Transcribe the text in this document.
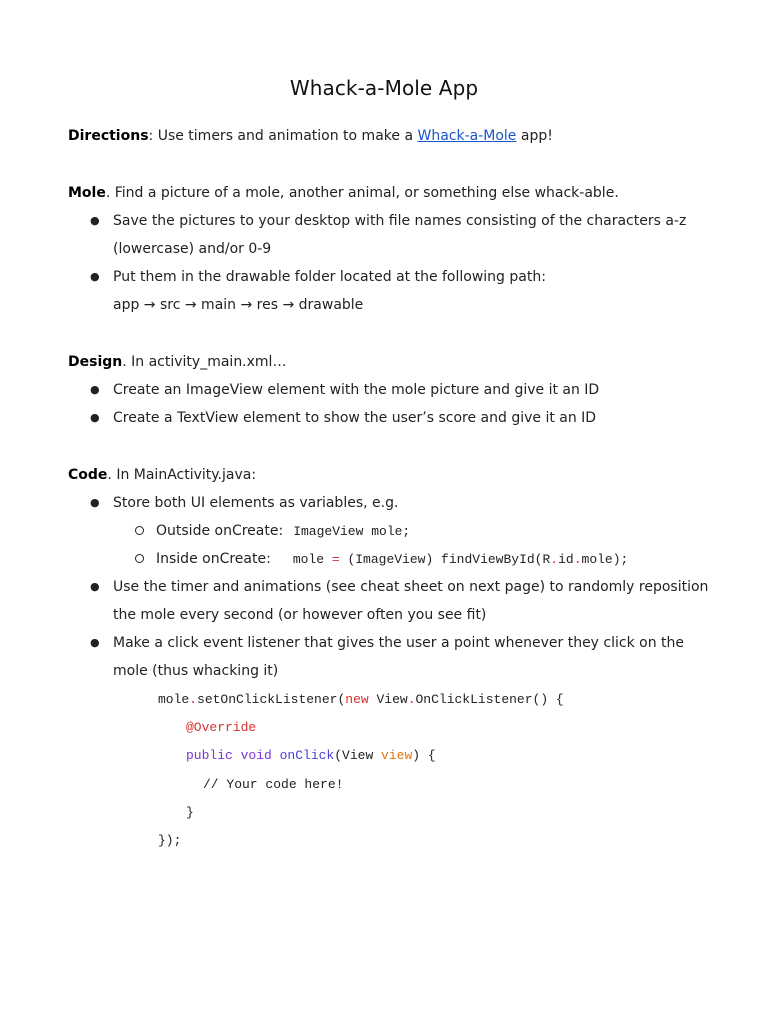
Whack-a-Mole App
Directions: Use timers and animation to make a Whack-a-Mole app!
Mole. Find a picture of a mole, another animal, or something else whack-able.
● Save the pictures to your desktop with file names consisting of the characters a-z
(lowercase) and/or 0-9
● Put them in the drawable folder located at the following path:
app → src → main → res → drawable
Design. In activity_main.xml…
● Create an ImageView element with the mole picture and give it an ID
● Create a TextView element to show the user’s score and give it an ID
Code. In MainActivity.java:
● Store both UI elements as variables, e.g.
Outside onCreate: ImageView mole;
Inside onCreate: mole = (ImageView) findViewById(R.id.mole);
● Use the timer and animations (see cheat sheet on next page) to randomly reposition
the mole every second (or however often you see fit)
● Make a click event listener that gives the user a point whenever they click on the
mole (thus whacking it)
mole.setOnClickListener(new View.OnClickListener() {
@Override
public void onClick(View view) {
// Your code here!
}
});
